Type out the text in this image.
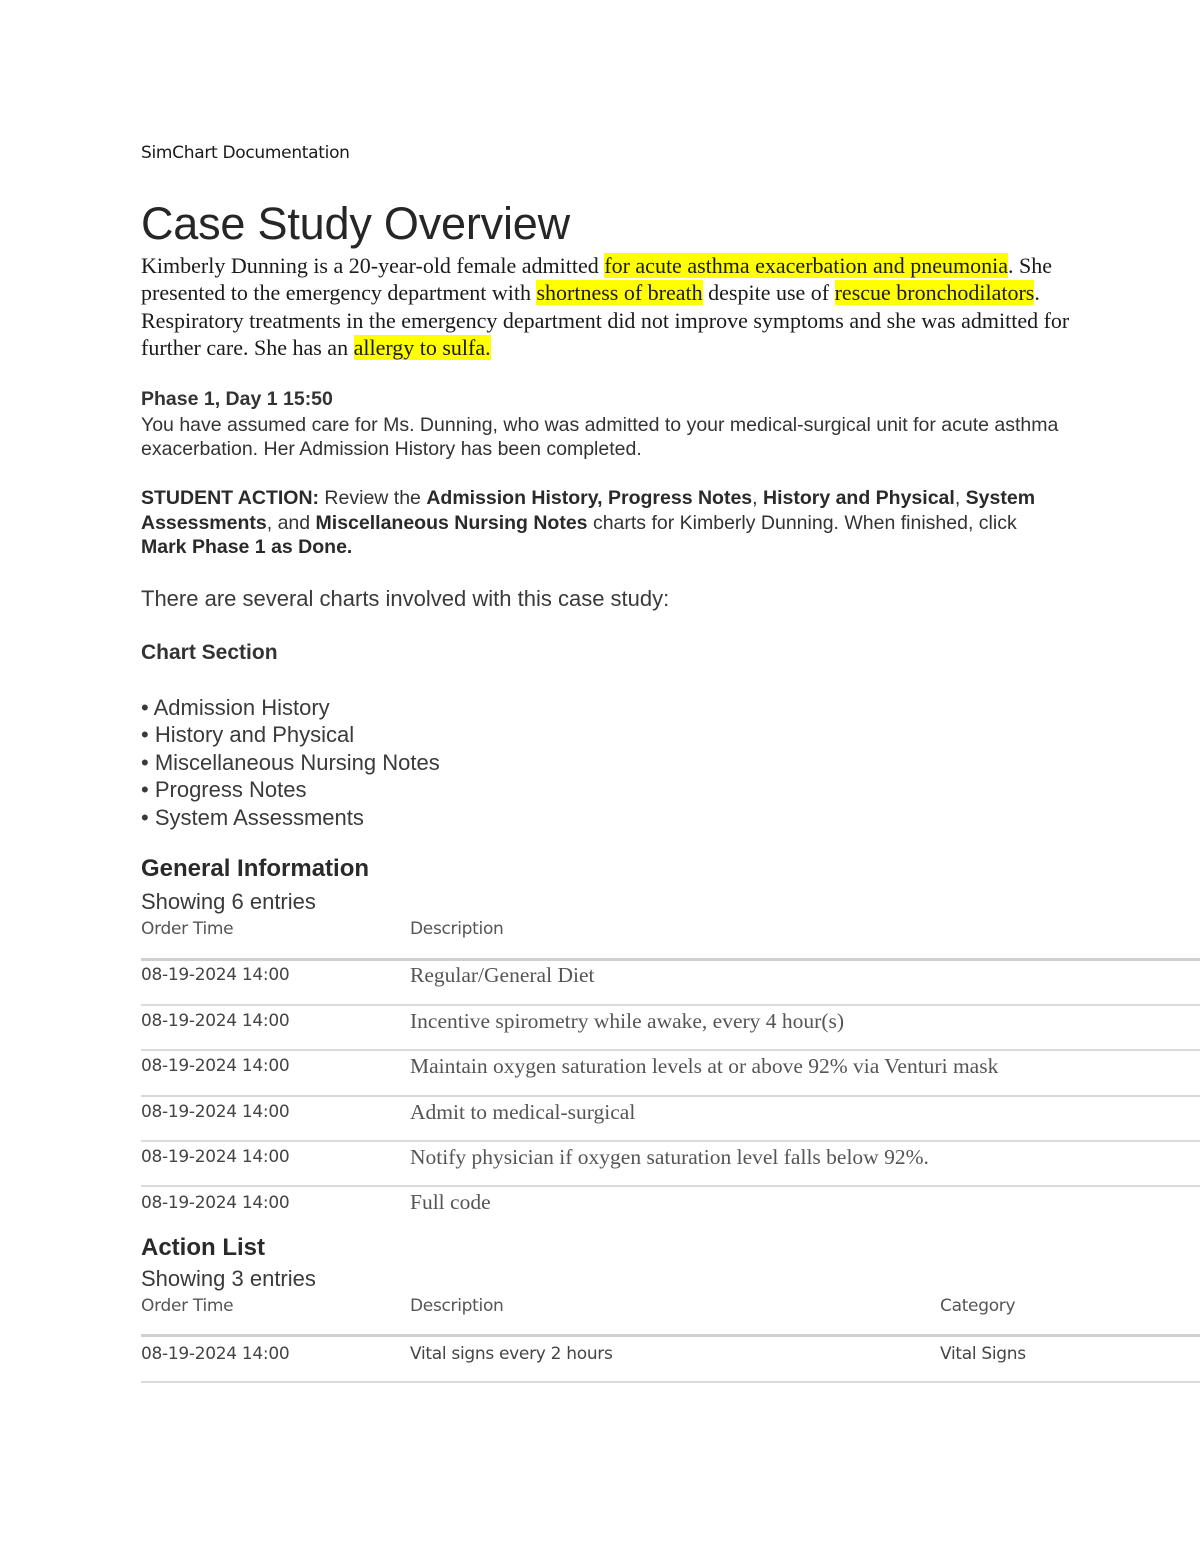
SimChart Documentation
Case Study Overview

Kimberly Dunning is a 20-year-old female admitted for acute asthma exacerbation and pneumonia. She presented to the emergency department with shortness of breath despite use of rescue bronchodilators. Respiratory treatments in the emergency department did not improve symptoms and she was admitted for further care. She has an allergy to sulfa.

Phase 1, Day 1 15:50

You have assumed care for Ms. Dunning, who was admitted to your medical-surgical unit for acute asthma exacerbation. Her Admission History has been completed.

STUDENT ACTION: Review the Admission History, Progress Notes, History and Physical, System Assessments, and Miscellaneous Nursing Notes charts for Kimberly Dunning. When finished, click Mark Phase 1 as Done.

There are several charts involved with this case study:

Chart Section
• Admission History
• History and Physical
• Miscellaneous Nursing Notes
• Progress Notes
• System Assessments
General Information

Showing 6 entries

Order Time	Description
08-19-2024 14:00	Regular/General Diet
08-19-2024 14:00	Incentive spirometry while awake, every 4 hour(s)
08-19-2024 14:00	Maintain oxygen saturation levels at or above 92% via Venturi mask
08-19-2024 14:00	Admit to medical-surgical
08-19-2024 14:00	Notify physician if oxygen saturation level falls below 92%.
08-19-2024 14:00	Full code
Action List

Showing 3 entries

Order Time	Description	Category
08-19-2024 14:00	Vital signs every 2 hours	Vital Signs
